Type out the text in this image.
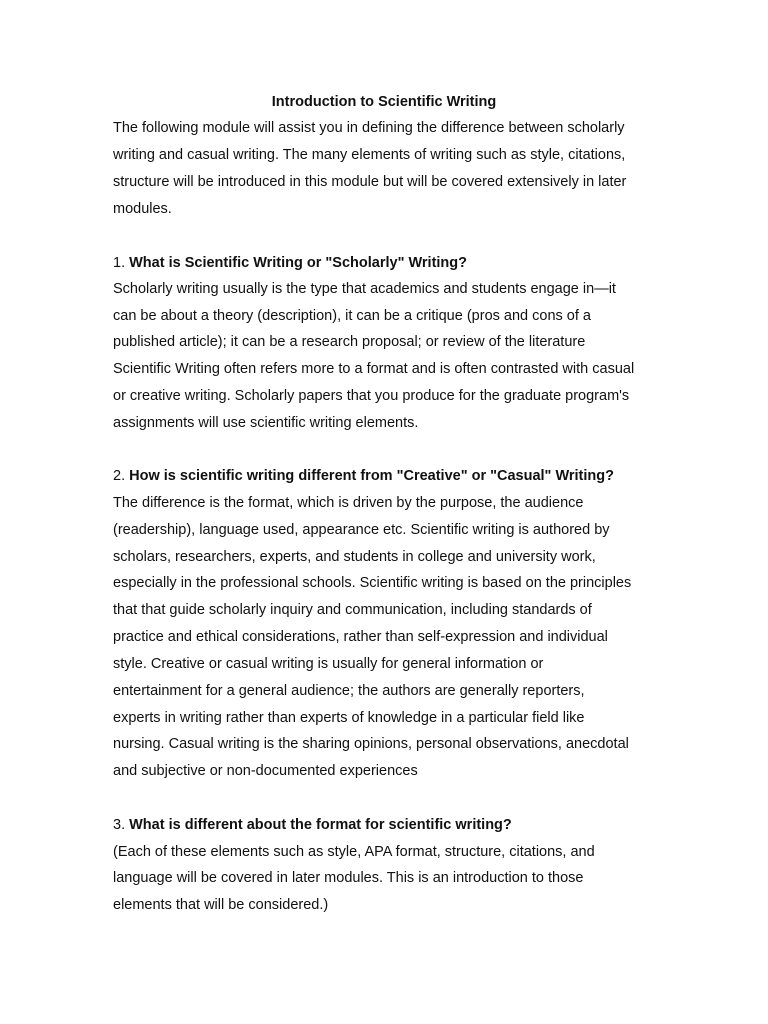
Introduction to Scientific Writing

The following module will assist you in defining the difference between scholarly

writing and casual writing. The many elements of writing such as style, citations,

structure will be introduced in this module but will be covered extensively in later

modules.

1. What is Scientific Writing or "Scholarly" Writing?

Scholarly writing usually is the type that academics and students engage in—it

can be about a theory (description), it can be a critique (pros and cons of a

published article); it can be a research proposal; or review of the literature

Scientific Writing often refers more to a format and is often contrasted with casual

or creative writing. Scholarly papers that you produce for the graduate program's

assignments will use scientific writing elements.

2. How is scientific writing different from "Creative" or "Casual" Writing?

The difference is the format, which is driven by the purpose, the audience

(readership), language used, appearance etc. Scientific writing is authored by

scholars, researchers, experts, and students in college and university work,

especially in the professional schools. Scientific writing is based on the principles

that that guide scholarly inquiry and communication, including standards of

practice and ethical considerations, rather than self-expression and individual

style. Creative or casual writing is usually for general information or

entertainment for a general audience; the authors are generally reporters,

experts in writing rather than experts of knowledge in a particular field like

nursing. Casual writing is the sharing opinions, personal observations, anecdotal

and subjective or non-documented experiences

3. What is different about the format for scientific writing?

(Each of these elements such as style, APA format, structure, citations, and

language will be covered in later modules. This is an introduction to those

elements that will be considered.)
